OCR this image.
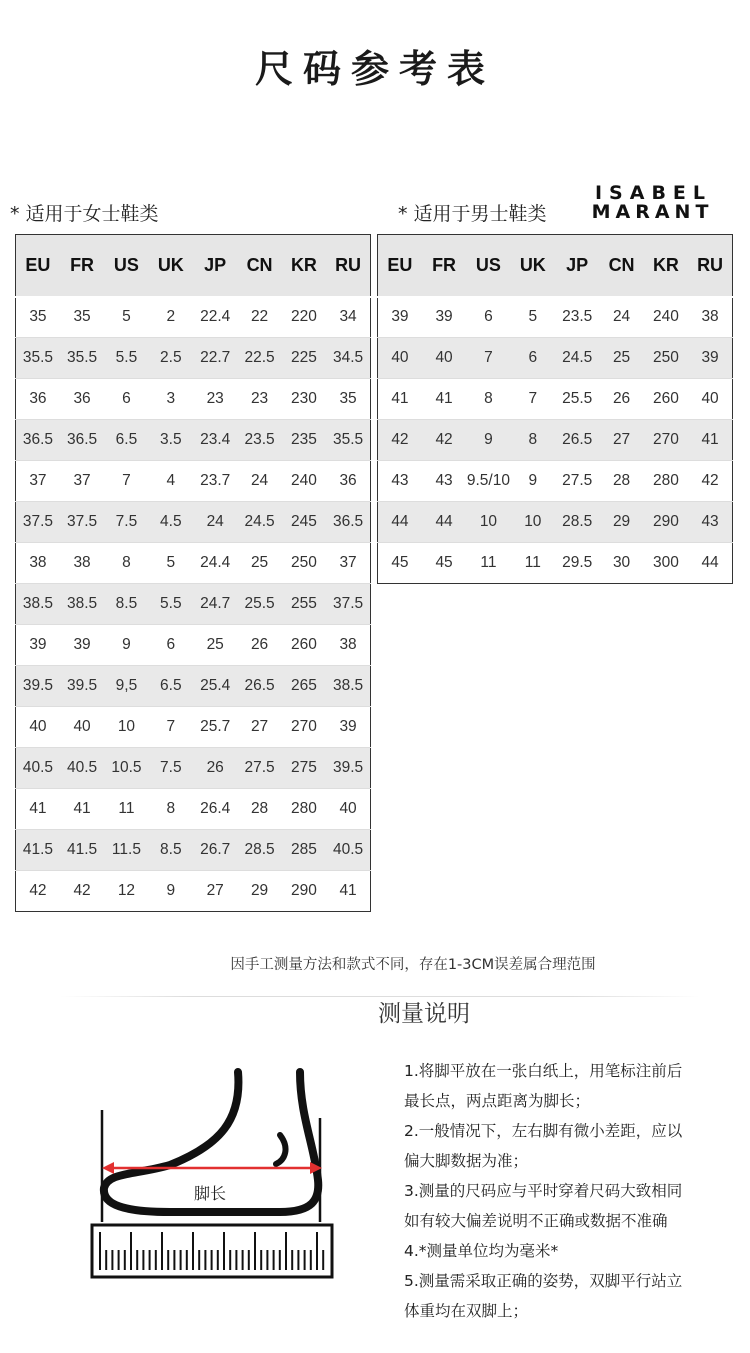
尺码参考表
* 适用于女士鞋类	* 适用于男士鞋类
ISABEL
MARANT
EU	FR	US	UK	JP	CN	KR	RU
35	35	5	2	22.4	22	220	34
35.5	35.5	5.5	2.5	22.7	22.5	225	34.5
36	36	6	3	23	23	230	35
36.5	36.5	6.5	3.5	23.4	23.5	235	35.5
37	37	7	4	23.7	24	240	36
37.5	37.5	7.5	4.5	24	24.5	245	36.5
38	38	8	5	24.4	25	250	37
38.5	38.5	8.5	5.5	24.7	25.5	255	37.5
39	39	9	6	25	26	260	38
39.5	39.5	9,5	6.5	25.4	26.5	265	38.5
40	40	10	7	25.7	27	270	39
40.5	40.5	10.5	7.5	26	27.5	275	39.5
41	41	11	8	26.4	28	280	40
41.5	41.5	11.5	8.5	26.7	28.5	285	40.5
42	42	12	9	27	29	290	41
EU	FR	US	UK	JP	CN	KR	RU
39	39	6	5	23.5	24	240	38
40	40	7	6	24.5	25	250	39
41	41	8	7	25.5	26	260	40
42	42	9	8	26.5	27	270	41
43	43	9.5/10	9	27.5	28	280	42
44	44	10	10	28.5	29	290	43
45	45	11	11	29.5	30	300	44
因手工测量方法和款式不同，存在1-3CM误差属合理范围
测量说明
脚长
1.将脚平放在一张白纸上，用笔标注前后
最长点，两点距离为脚长；
2.一般情况下，左右脚有微小差距，应以
偏大脚数据为准；
3.测量的尺码应与平时穿着尺码大致相同
如有较大偏差说明不正确或数据不准确
4.*测量单位均为毫米*
5.测量需采取正确的姿势，双脚平行站立
体重均在双脚上；
